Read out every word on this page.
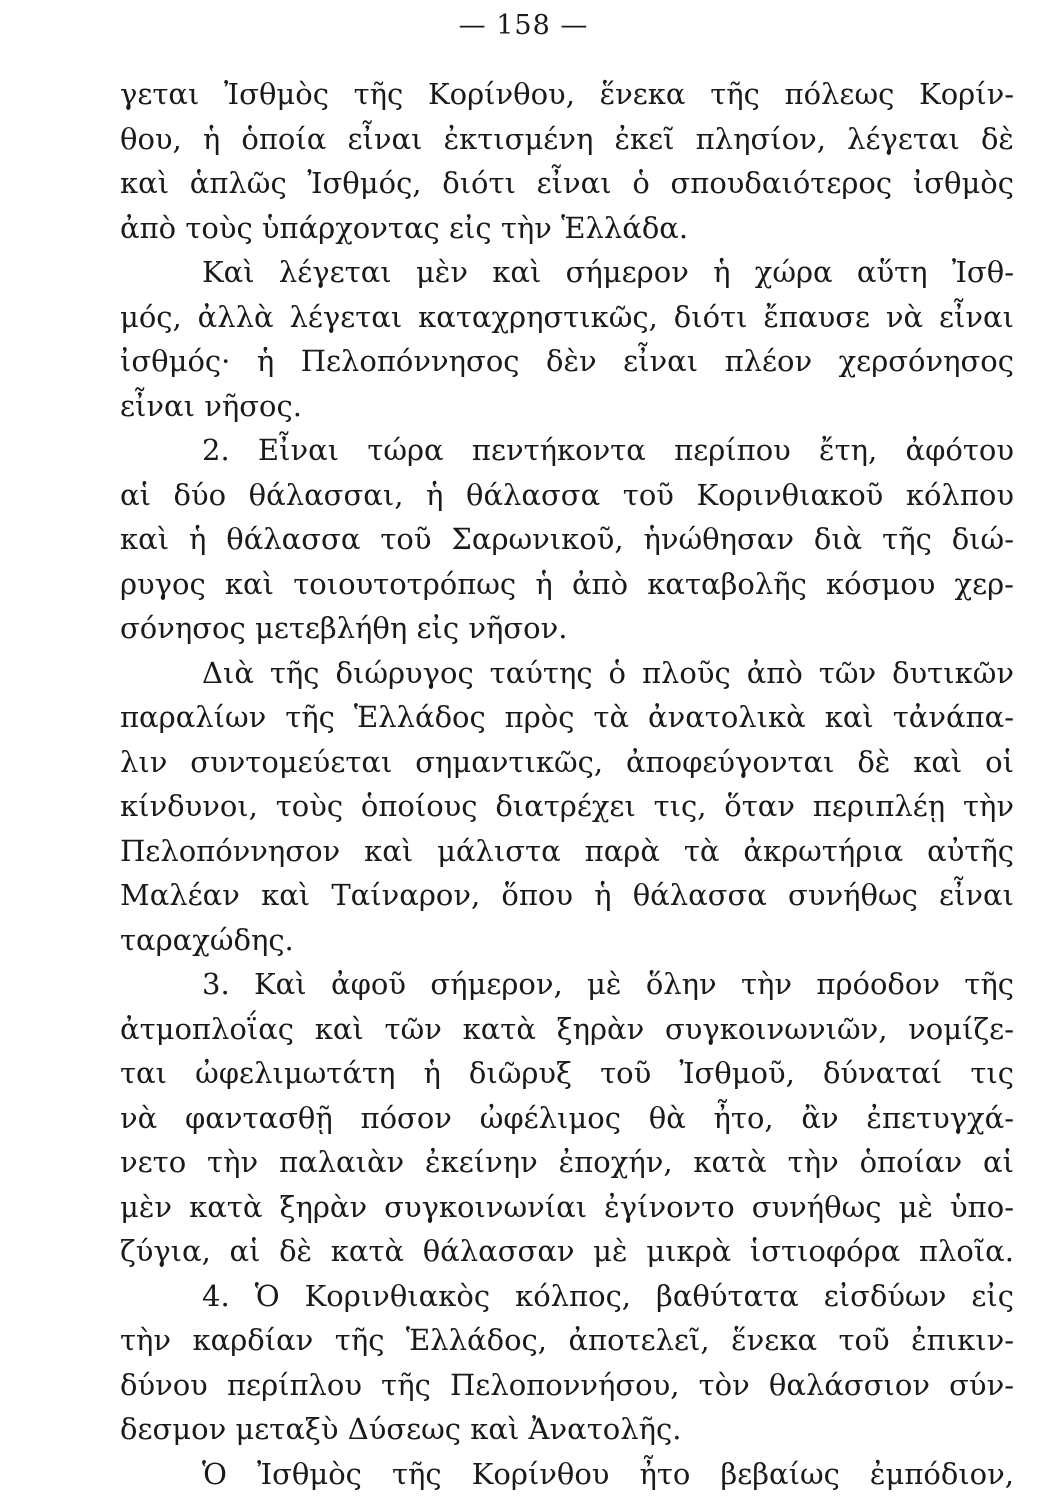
— 158 —
γεται Ἰσθμὸς τῆς Κορίνθου, ἕνεκα τῆς πόλεως Κορίν-
θου, ἡ ὁποία εἶναι ἐκτισμένη ἐκεῖ πλησίον, λέγεται δὲ
καὶ ἁπλῶς Ἰσθμός, διότι εἶναι ὁ σπουδαιότερος ἰσθμὸς
ἀπὸ τοὺς ὑπάρχοντας εἰς τὴν Ἑλλάδα.
Καὶ λέγεται μὲν καὶ σήμερον ἡ χώρα αὕτη Ἰσθ-
μός, ἀλλὰ λέγεται καταχρηστικῶς, διότι ἔπαυσε νὰ εἶναι
ἰσθμός· ἡ Πελοπόννησος δὲν εἶναι πλέον χερσόνησος
εἶναι νῆσος.
2. Εἶναι τώρα πεντήκοντα περίπου ἔτη, ἀφότου
αἱ δύο θάλασσαι, ἡ θάλασσα τοῦ Κορινθιακοῦ κόλπου
καὶ ἡ θάλασσα τοῦ Σαρωνικοῦ, ἡνώθησαν διὰ τῆς διώ-
ρυγος καὶ τοιουτοτρόπως ἡ ἀπὸ καταβολῆς κόσμου χερ-
σόνησος μετεβλήθη εἰς νῆσον.
Διὰ τῆς διώρυγος ταύτης ὁ πλοῦς ἀπὸ τῶν δυτικῶν
παραλίων τῆς Ἑλλάδος πρὸς τὰ ἀνατολικὰ καὶ τἀνάπα-
λιν συντομεύεται σημαντικῶς, ἀποφεύγονται δὲ καὶ οἱ
κίνδυνοι, τοὺς ὁποίους διατρέχει τις, ὅταν περιπλέῃ τὴν
Πελοπόννησον καὶ μάλιστα παρὰ τὰ ἀκρωτήρια αὐτῆς
Μαλέαν καὶ Ταίναρον, ὅπου ἡ θάλασσα συνήθως εἶναι
ταραχώδης.
3. Καὶ ἀφοῦ σήμερον, μὲ ὅλην τὴν πρόοδον τῆς
ἀτμοπλοΐας καὶ τῶν κατὰ ξηρὰν συγκοινωνιῶν, νομίζε-
ται ὠφελιμωτάτη ἡ διῶρυξ τοῦ Ἰσθμοῦ, δύναταί τις
νὰ φαντασθῇ πόσον ὠφέλιμος θὰ ἦτο, ἂν ἐπετυγχά-
νετο τὴν παλαιὰν ἐκείνην ἐποχήν, κατὰ τὴν ὁποίαν αἱ
μὲν κατὰ ξηρὰν συγκοινωνίαι ἐγίνοντο συνήθως μὲ ὑπο-
ζύγια, αἱ δὲ κατὰ θάλασσαν μὲ μικρὰ ἱστιοφόρα πλοῖα.
4. Ὁ Κορινθιακὸς κόλπος, βαθύτατα εἰσδύων εἰς
τὴν καρδίαν τῆς Ἑλλάδος, ἀποτελεῖ, ἕνεκα τοῦ ἐπικιν-
δύνου περίπλου τῆς Πελοποννήσου, τὸν θαλάσσιον σύν-
δεσμον μεταξὺ Δύσεως καὶ Ἀνατολῆς.
Ὁ Ἰσθμὸς τῆς Κορίνθου ἦτο βεβαίως ἐμπόδιον,
